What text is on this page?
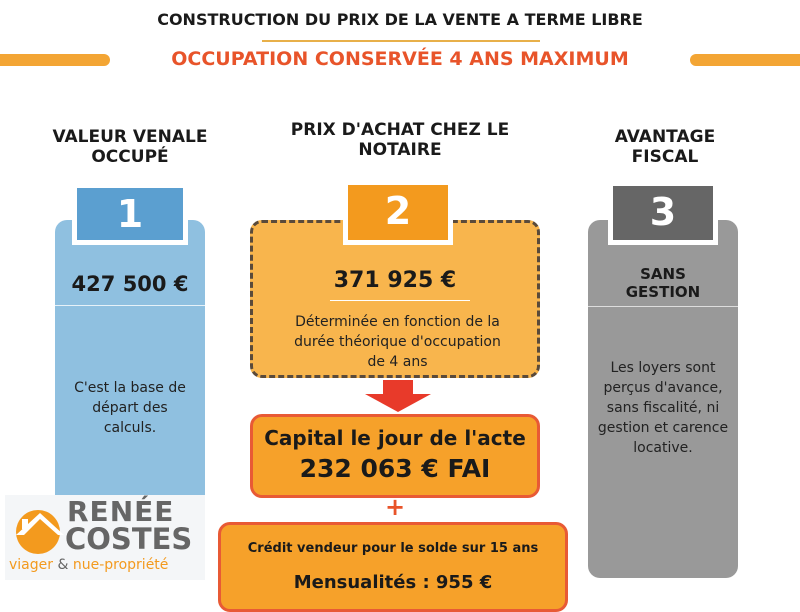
CONSTRUCTION DU PRIX DE LA VENTE A TERME LIBRE
OCCUPATION CONSERVÉE 4 ANS MAXIMUM
VALEUR VENALE OCCUPÉ
1
427 500 €
C'est la base de départ des calculs.
RENÉE
COSTES
viager & nue-propriété
PRIX D'ACHAT CHEZ LE NOTAIRE
2
371 925 €
Déterminée en fonction de la durée théorique d'occupation de 4 ans
Capital le jour de l'acte
232 063 € FAI
+
Crédit vendeur pour le solde sur 15 ans
Mensualités : 955 €
AVANTAGE FISCAL
3
SANS GESTION
Les loyers sont perçus d'avance, sans fiscalité, ni gestion et carence locative.
